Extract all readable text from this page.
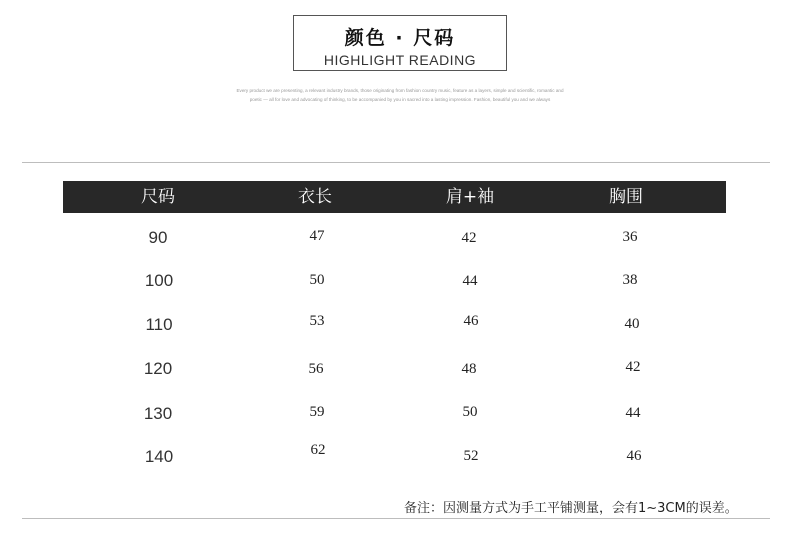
颜色 · 尺码
HIGHLIGHT READING
Every product we are presenting, a relevant industry brands, those originating from fashion country music, feature as a layers, simple and scientific, romantic and
poetic — all for love and advocating of thinking, to be accompanied by you in sacred into a lasting impression. Fashion, beautiful you and we always
尺码	衣长	肩+袖	胸围
90	47	42	36
100	50	44	38
110	53	46	40
120	56	48	42
130	59	50	44
140	62	52	46
备注：因测量方式为手工平铺测量，会有1~3CM的误差。
